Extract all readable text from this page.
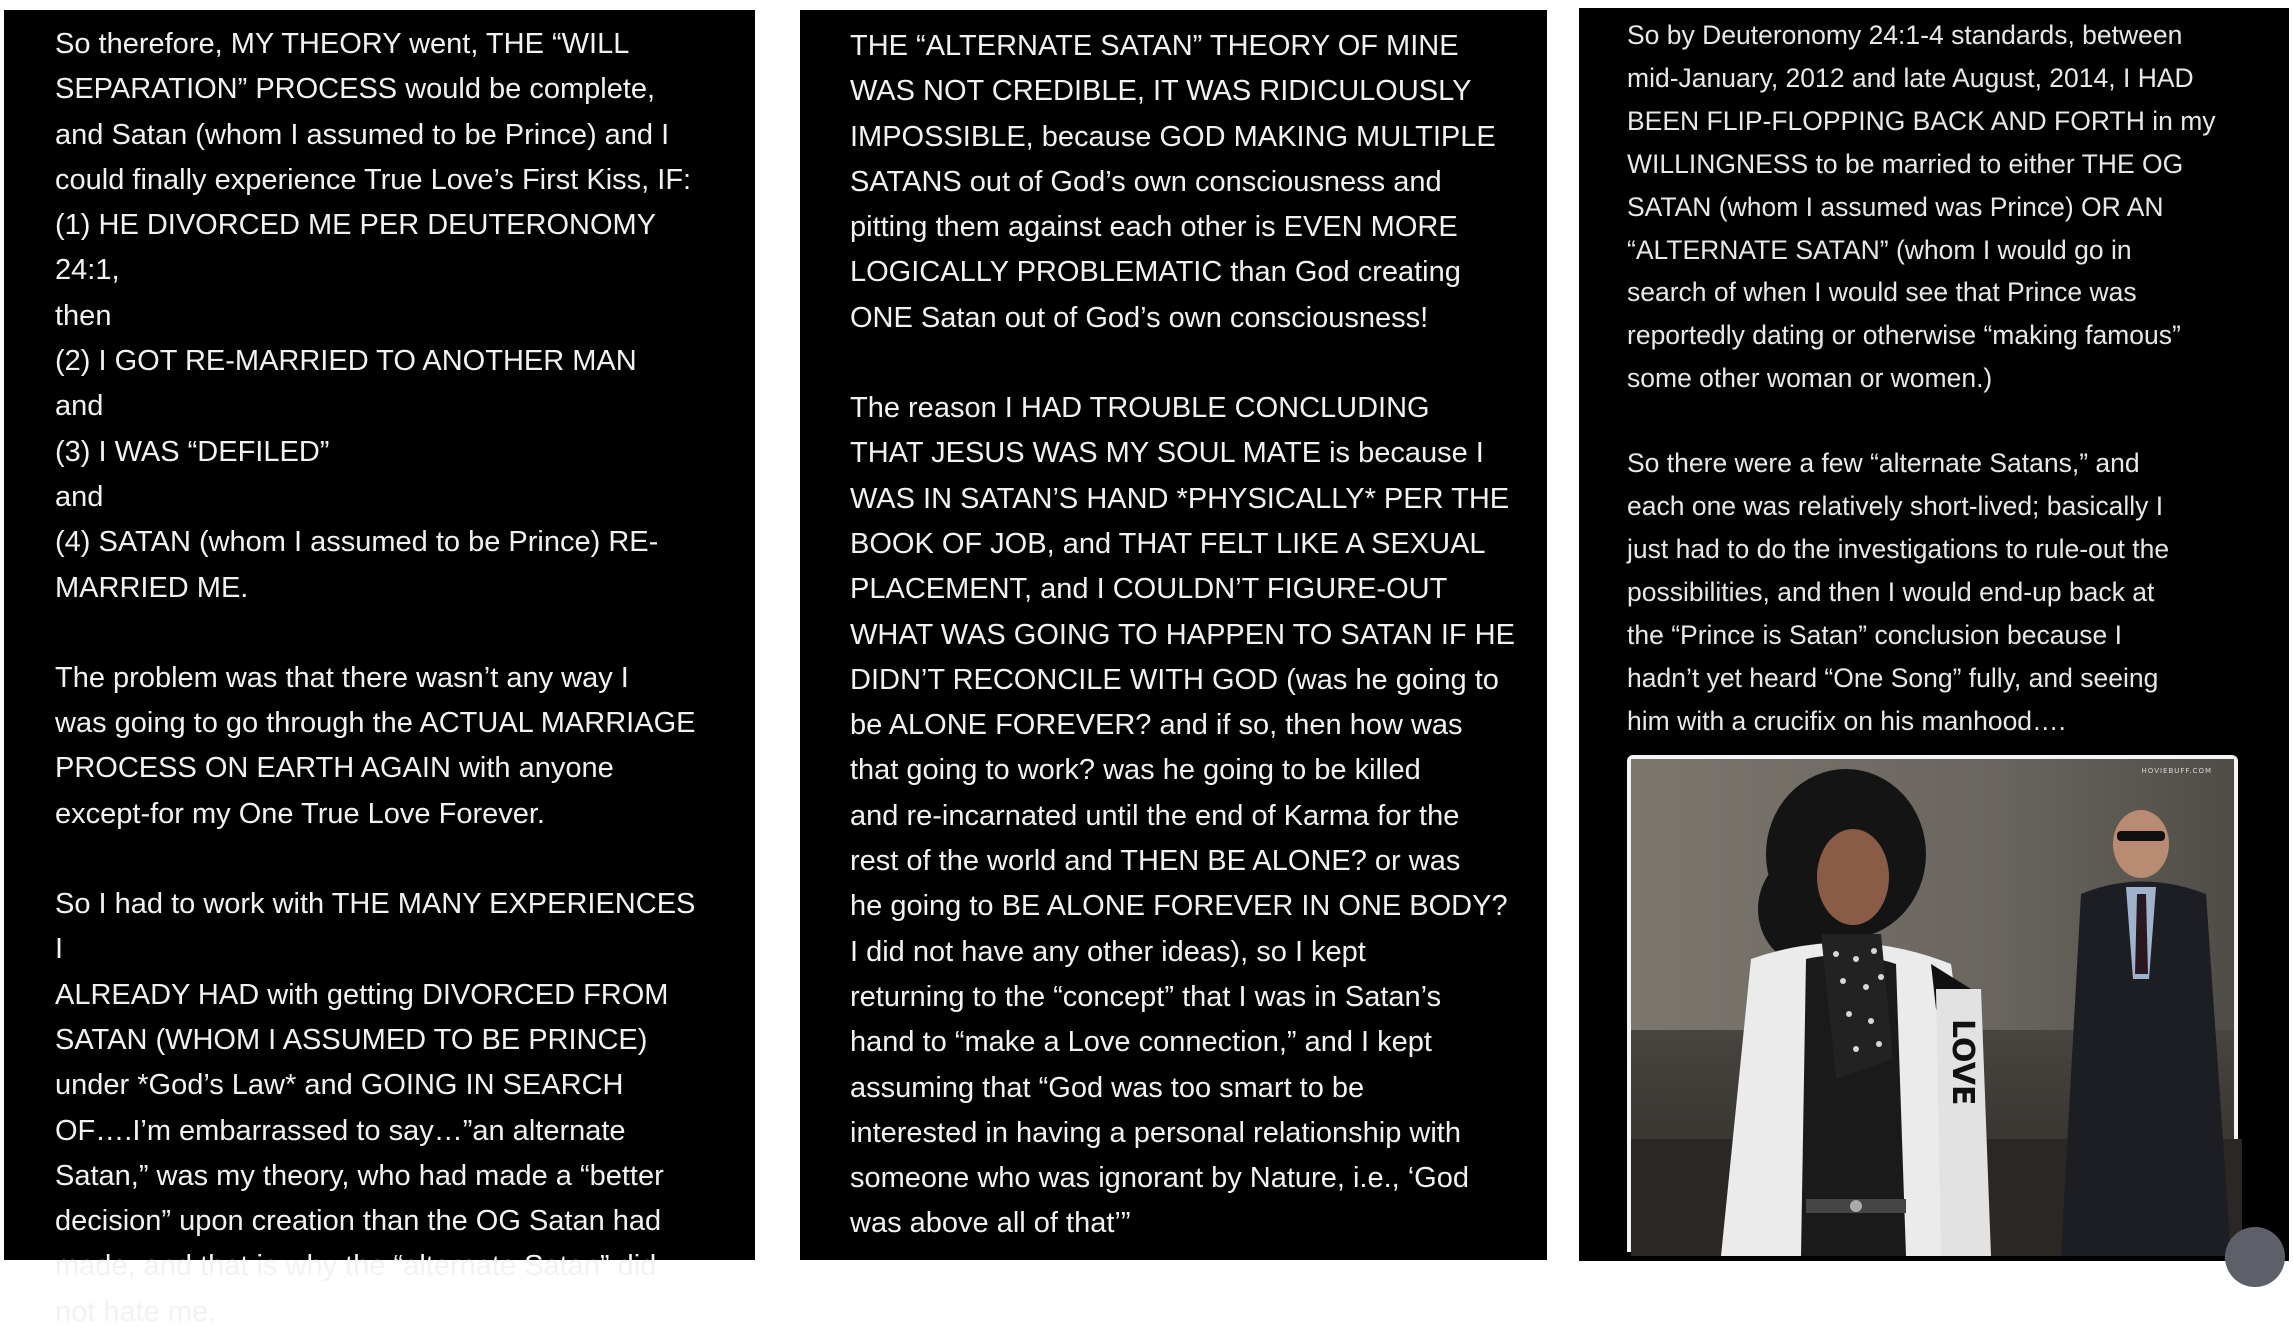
So therefore, MY THEORY went, THE “WILL
SEPARATION” PROCESS would be complete,
and Satan (whom I assumed to be Prince) and I
could finally experience True Love’s First Kiss, IF:
(1) HE DIVORCED ME PER DEUTERONOMY 24:1,
then
(2) I GOT RE-MARRIED TO ANOTHER MAN
and
(3) I WAS “DEFILED”
and
(4) SATAN (whom I assumed to be Prince) RE-
MARRIED ME.

The problem was that there wasn’t any way I
was going to go through the ACTUAL MARRIAGE
PROCESS ON EARTH AGAIN with anyone
except-for my One True Love Forever.

So I had to work with THE MANY EXPERIENCES I
ALREADY HAD with getting DIVORCED FROM
SATAN (WHOM I ASSUMED TO BE PRINCE)
under *God’s Law* and GOING IN SEARCH
OF….I’m embarrassed to say…”an alternate
Satan,” was my theory, who had made a “better
decision” upon creation than the OG Satan had
made, and that is why the “alternate Satan” did
not hate me.

THE “ALTERNATE SATAN” THEORY OF MINE
WAS NOT CREDIBLE, IT WAS RIDICULOUSLY
IMPOSSIBLE, because GOD MAKING MULTIPLE
SATANS out of God’s own consciousness and
pitting them against each other is EVEN MORE
LOGICALLY PROBLEMATIC than God creating
ONE Satan out of God’s own consciousness!

The reason I HAD TROUBLE CONCLUDING
THAT JESUS WAS MY SOUL MATE is because I
WAS IN SATAN’S HAND *PHYSICALLY* PER THE
BOOK OF JOB, and THAT FELT LIKE A SEXUAL
PLACEMENT, and I COULDN’T FIGURE-OUT
WHAT WAS GOING TO HAPPEN TO SATAN IF HE
DIDN’T RECONCILE WITH GOD (was he going to
be ALONE FOREVER? and if so, then how was
that going to work? was he going to be killed
and re-incarnated until the end of Karma for the
rest of the world and THEN BE ALONE? or was
he going to BE ALONE FOREVER IN ONE BODY?
I did not have any other ideas), so I kept
returning to the “concept” that I was in Satan’s
hand to “make a Love connection,” and I kept
assuming that “God was too smart to be
interested in having a personal relationship with
someone who was ignorant by Nature, i.e., ‘God
was above all of that’”

So by Deuteronomy 24:1-4 standards, between
mid-January, 2012 and late August, 2014, I HAD
BEEN FLIP-FLOPPING BACK AND FORTH in my
WILLINGNESS to be married to either THE OG
SATAN (whom I assumed was Prince) OR AN
“ALTERNATE SATAN” (whom I would go in
search of when I would see that Prince was
reportedly dating or otherwise “making famous”
some other woman or women.)

So there were a few “alternate Satans,” and
each one was relatively short-lived; basically I
just had to do the investigations to rule-out the
possibilities, and then I would end-up back at
the “Prince is Satan” conclusion because I
hadn’t yet heard “One Song” fully, and seeing
him with a crucifix on his manhood….

HOVIEBUFF.COM
LOVE
